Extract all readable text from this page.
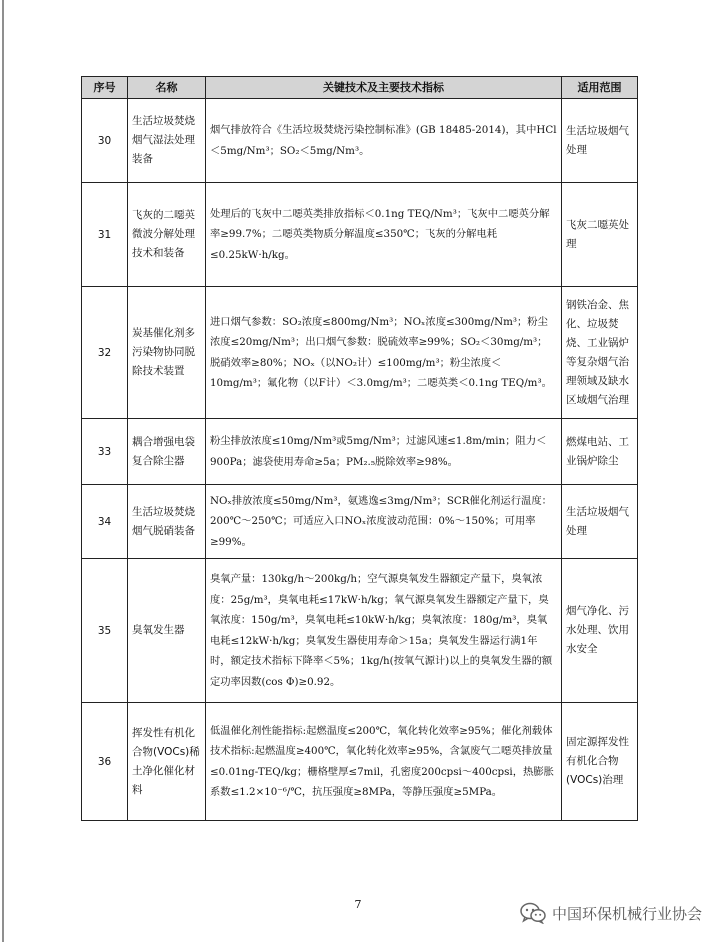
序号	名称	关键技术及主要技术指标	适用范围
30	生活垃圾焚烧烟气湿法处理装备	烟气排放符合《生活垃圾焚烧污染控制标准》(GB 18485-2014)，其中HCl＜5mg/Nm³；SO₂＜5mg/Nm³。	生活垃圾烟气处理
31	飞灰的二噁英微波分解处理技术和装备	处理后的飞灰中二噁英类排放指标＜0.1ng TEQ/Nm³；飞灰中二噁英分解率≥99.7%；二噁英类物质分解温度≤350℃；飞灰的分解电耗≤0.25kW·h/kg。	飞灰二噁英处理
32	炭基催化剂多污染物协同脱除技术装置	进口烟气参数：SO₂浓度≤800mg/Nm³；NOₓ浓度≤300mg/Nm³；粉尘浓度≤20mg/Nm³；出口烟气参数：脱硫效率≥99%；SO₂＜30mg/m³；脱硝效率≥80%；NOₓ（以NO₂计）≤100mg/m³；粉尘浓度＜10mg/m³；氟化物（以F计）＜3.0mg/m³；二噁英类＜0.1ng TEQ/m³。	钢铁冶金、焦化、垃圾焚烧、工业锅炉等复杂烟气治理领域及缺水区域烟气治理
33	耦合增强电袋复合除尘器	粉尘排放浓度≤10mg/Nm³或5mg/Nm³；过滤风速≤1.8m/min；阻力＜900Pa；滤袋使用寿命≥5a；PM₂.₅脱除效率≥98%。	燃煤电站、工业锅炉除尘
34	生活垃圾焚烧烟气脱硝装备	NOₓ排放浓度≤50mg/Nm³，氨逃逸≤3mg/Nm³；SCR催化剂运行温度：200℃～250℃；可适应入口NOₓ浓度波动范围：0%～150%；可用率≥99%。	生活垃圾烟气处理
35	臭氧发生器	臭氧产量：130kg/h～200kg/h；空气源臭氧发生器额定产量下，臭氧浓度：25g/m³，臭氧电耗≤17kW·h/kg；氧气源臭氧发生器额定产量下，臭氧浓度：150g/m³，臭氧电耗≤10kW·h/kg；臭氧浓度：180g/m³，臭氧电耗≤12kW·h/kg；臭氧发生器使用寿命＞15a；臭氧发生器运行满1年时，额定技术指标下降率＜5%；1kg/h(按氧气源计)以上的臭氧发生器的额定功率因数(cos Φ)≥0.92。	烟气净化、污水处理、饮用水安全
36	挥发性有机化合物(VOCs)稀土净化催化材料	低温催化剂性能指标:起燃温度≤200℃，氧化转化效率≥95%；催化剂载体技术指标:起燃温度≥400℃，氧化转化效率≥95%，含氯废气二噁英排放量≤0.01ng-TEQ/kg；栅格壁厚≤7mil，孔密度200cpsi～400cpsi，热膨胀系数≤1.2×10⁻⁶/℃，抗压强度≥8MPa，等静压强度≥5MPa。	固定源挥发性有机化合物(VOCs)治理
7	中国环保机械行业协会
